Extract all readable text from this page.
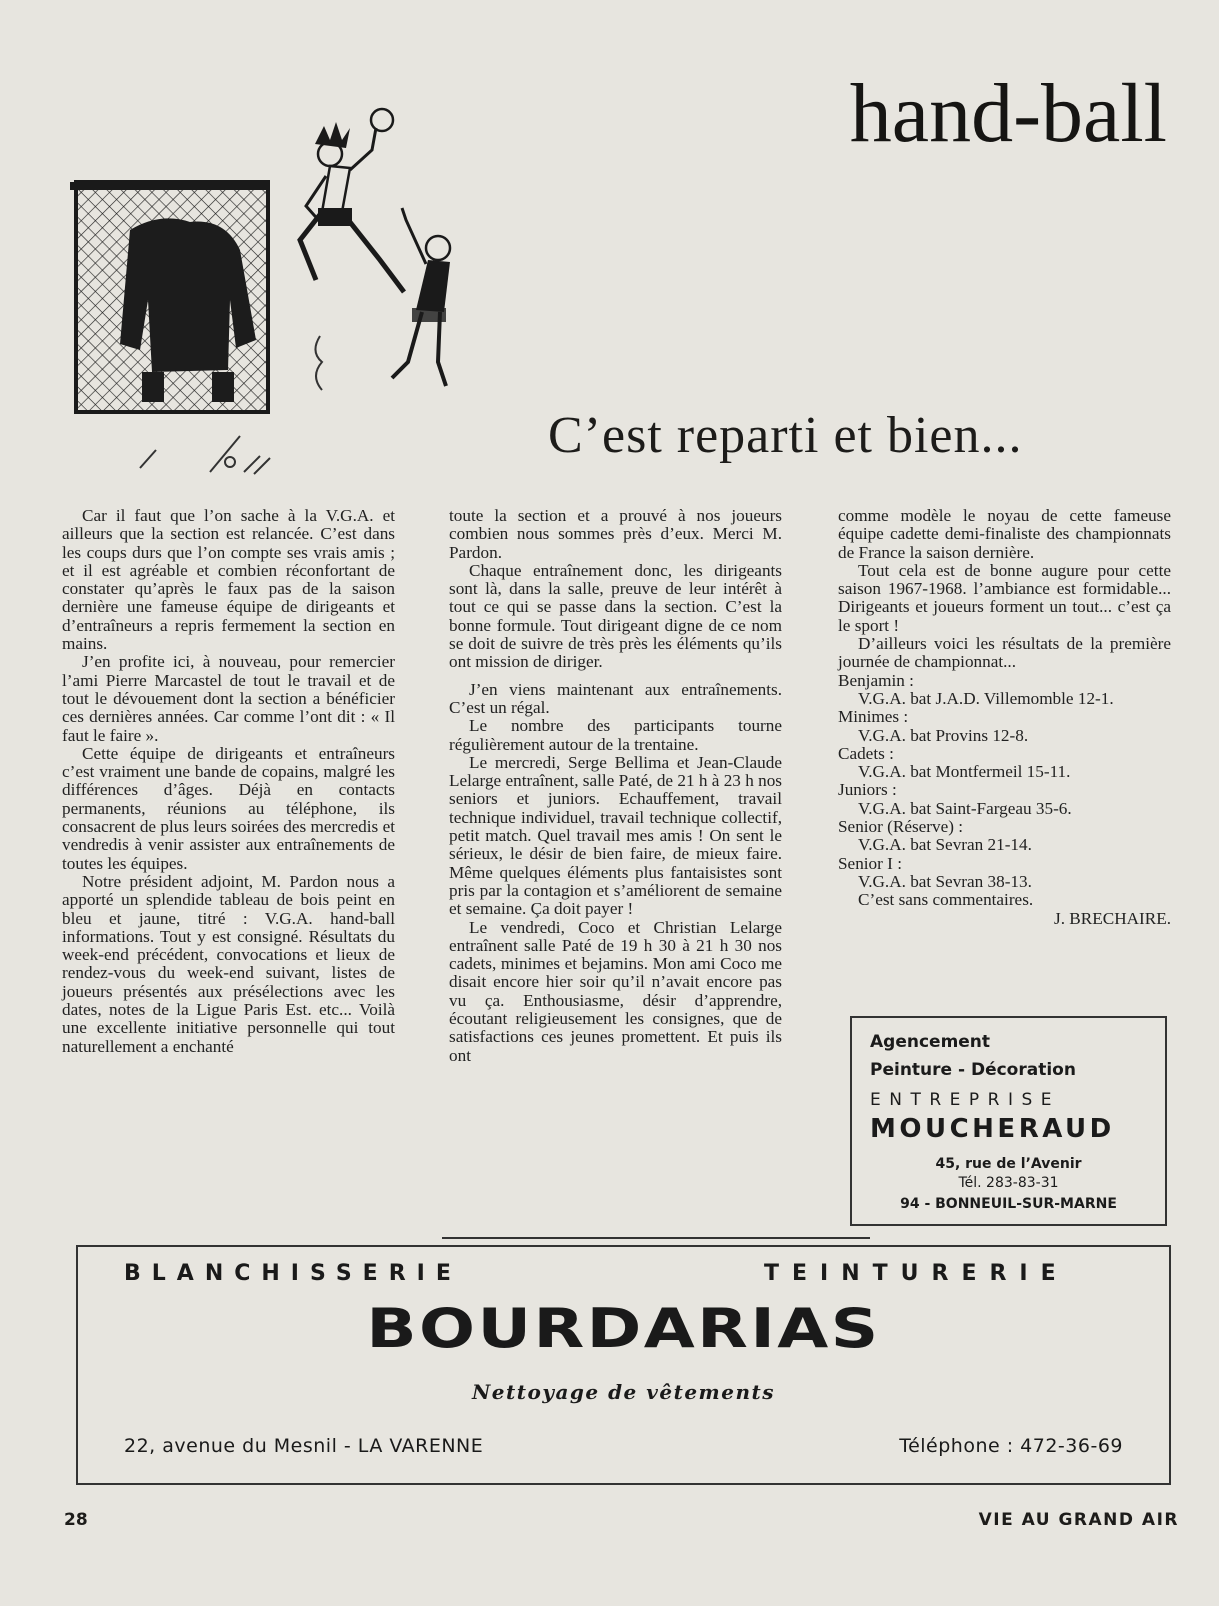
hand-ball
C’est reparti et bien...

Car il faut que l’on sache à la V.G.A. et ailleurs que la section est relancée. C’est dans les coups durs que l’on compte ses vrais amis ; et il est agréable et combien réconfortant de constater qu’après le faux pas de la saison dernière une fameuse équipe de dirigeants et d’entraîneurs a repris fermement la section en mains.

J’en profite ici, à nouveau, pour remercier l’ami Pierre Marcastel de tout le travail et de tout le dévouement dont la section a bénéficier ces dernières années. Car comme l’ont dit : « Il faut le faire ».

Cette équipe de dirigeants et entraîneurs c’est vraiment une bande de copains, malgré les différences d’âges. Déjà en contacts permanents, réunions au téléphone, ils consacrent de plus leurs soirées des mercredis et vendredis à venir assister aux entraînements de toutes les équipes.

Notre président adjoint, M. Pardon nous a apporté un splendide tableau de bois peint en bleu et jaune, titré : V.G.A. hand-ball informations. Tout y est consigné. Résultats du week-end précédent, convocations et lieux de rendez-vous du week-end suivant, listes de joueurs présentés aux présélections avec les dates, notes de la Ligue Paris Est. etc... Voilà une excellente initiative personnelle qui tout naturellement a enchanté

toute la section et a prouvé à nos joueurs combien nous sommes près d’eux. Merci M. Pardon.

Chaque entraînement donc, les dirigeants sont là, dans la salle, preuve de leur intérêt à tout ce qui se passe dans la section. C’est la bonne formule. Tout dirigeant digne de ce nom se doit de suivre de très près les éléments qu’ils ont mission de diriger.

J’en viens maintenant aux entraînements. C’est un régal.

Le nombre des participants tourne régulièrement autour de la trentaine.

Le mercredi, Serge Bellima et Jean-Claude Lelarge entraînent, salle Paté, de 21 h à 23 h nos seniors et juniors. Echauffement, travail technique individuel, travail technique collectif, petit match. Quel travail mes amis ! On sent le sérieux, le désir de bien faire, de mieux faire. Même quelques éléments plus fantaisistes sont pris par la contagion et s’améliorent de semaine et semaine. Ça doit payer !

Le vendredi, Coco et Christian Lelarge entraînent salle Paté de 19 h 30 à 21 h 30 nos cadets, minimes et bejamins. Mon ami Coco me disait encore hier soir qu’il n’avait encore pas vu ça. Enthousiasme, désir d’apprendre, écoutant religieusement les consignes, que de satisfactions ces jeunes promettent. Et puis ils ont

comme modèle le noyau de cette fameuse équipe cadette demi-finaliste des championnats de France la saison dernière.

Tout cela est de bonne augure pour cette saison 1967-1968. l’ambiance est formidable... Dirigeants et joueurs forment un tout... c’est ça le sport !

D’ailleurs voici les résultats de la première journée de championnat...

Benjamin :

V.G.A. bat J.A.D. Villemomble 12-1.

Minimes :

V.G.A. bat Provins 12-8.

Cadets :

V.G.A. bat Montfermeil 15-11.

Juniors :

V.G.A. bat Saint-Fargeau 35-6.

Senior (Réserve) :

V.G.A. bat Sevran 21-14.

Senior I :

V.G.A. bat Sevran 38-13.

C’est sans commentaires.

J. BRECHAIRE.

Agencement
Peinture - Décoration
ENTREPRISE
MOUCHERAUD
45, rue de l’Avenir
Tél. 283-83-31
94 - BONNEUIL-SUR-MARNE
BLANCHISSERIE	TEINTURERIE
BOURDARIAS
Nettoyage de vêtements
22, avenue du Mesnil - LA VARENNE	Téléphone : 472-36-69
28	VIE AU GRAND AIR
